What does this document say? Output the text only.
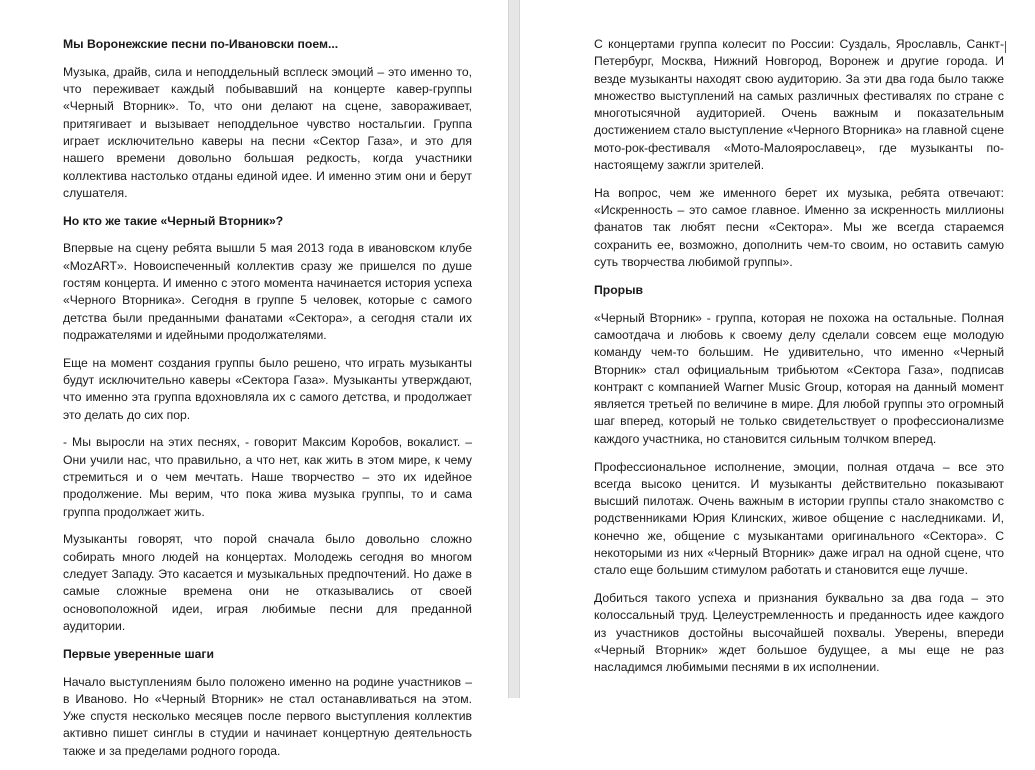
Мы Воронежские песни по-Ивановски поем...
Музыка, драйв, сила и неподдельный всплеск эмоций – это именно то, что переживает каждый побывавший на концерте кавер-группы «Черный Вторник». То, что они делают на сцене, завораживает, притягивает и вызывает неподдельное чувство ностальгии. Группа играет исключительно каверы на песни «Сектор Газа», и это для нашего времени довольно большая редкость, когда участники коллектива настолько отданы единой идее. И именно этим они и берут слушателя.
Но кто же такие «Черный Вторник»?
Впервые на сцену ребята вышли 5 мая 2013 года в ивановском клубе «MozART». Новоиспеченный коллектив сразу же пришелся по душе гостям концерта. И именно с этого момента начинается история успеха «Черного Вторника». Сегодня в группе 5 человек, которые с самого детства были преданными фанатами «Сектора», а сегодня стали их подражателями и идейными продолжателями.
Еще на момент создания группы было решено, что играть музыканты будут исключительно каверы «Сектора Газа». Музыканты утверждают, что именно эта группа вдохновляла их с самого детства, и продолжает это делать до сих пор.
- Мы выросли на этих песнях, - говорит Максим Коробов, вокалист. – Они учили нас, что правильно, а что нет, как жить в этом мире, к чему стремиться и о чем мечтать. Наше творчество – это их идейное продолжение. Мы верим, что пока жива музыка группы, то и сама группа продолжает жить.
Музыканты говорят, что порой сначала было довольно сложно собирать много людей на концертах. Молодежь сегодня во многом следует Западу. Это касается и музыкальных предпочтений. Но даже в самые сложные времена они не отказывались от своей основоположной идеи, играя любимые песни для преданной аудитории.
Первые уверенные шаги
Начало выступлениям было положено именно на родине участников – в Иваново. Но «Черный Вторник» не стал останавливаться на этом. Уже спустя несколько месяцев после первого выступления коллектив активно пишет синглы в студии и начинает концертную деятельность также и за пределами родного города.
С концертами группа колесит по России: Суздаль, Ярославль, Санкт-Петербург, Москва, Нижний Новгород, Воронеж и другие города. И везде музыканты находят свою аудиторию. За эти два года было также множество выступлений на самых различных фестивалях по стране с многотысячной аудиторией. Очень важным и показательным достижением стало выступление «Черного Вторника» на главной сцене мото-рок-фестиваля «Мото-Малоярославец», где музыканты по-настоящему зажгли зрителей.
На вопрос, чем же именного берет их музыка, ребята отвечают: «Искренность – это самое главное. Именно за искренность миллионы фанатов так любят песни «Сектора». Мы же всегда стараемся сохранить ее, возможно, дополнить чем-то своим, но оставить самую суть творчества любимой группы».
Прорыв
«Черный Вторник» - группа, которая не похожа на остальные. Полная самоотдача и любовь к своему делу сделали совсем еще молодую команду чем-то большим. Не удивительно, что именно «Черный Вторник» стал официальным трибьютом «Сектора Газа», подписав контракт с компанией Warner Music Group, которая на данный момент является третьей по величине в мире. Для любой группы это огромный шаг вперед, который не только свидетельствует о профессионализме каждого участника, но становится сильным толчком вперед.
Профессиональное исполнение, эмоции, полная отдача – все это всегда высоко ценится. И музыканты действительно показывают высший пилотаж. Очень важным в истории группы стало знакомство с родственниками Юрия Клинских, живое общение с наследниками. И, конечно же, общение с музыкантами оригинального «Сектора». С некоторыми из них «Черный Вторник» даже играл на одной сцене, что стало еще большим стимулом работать и становится еще лучше.
Добиться такого успеха и признания буквально за два года – это колоссальный труд. Целеустремленность и преданность идее каждого из участников достойны высочайшей похвалы. Уверены, впереди «Черный Вторник» ждет большое будущее, а мы еще не раз насладимся любимыми песнями в их исполнении.
